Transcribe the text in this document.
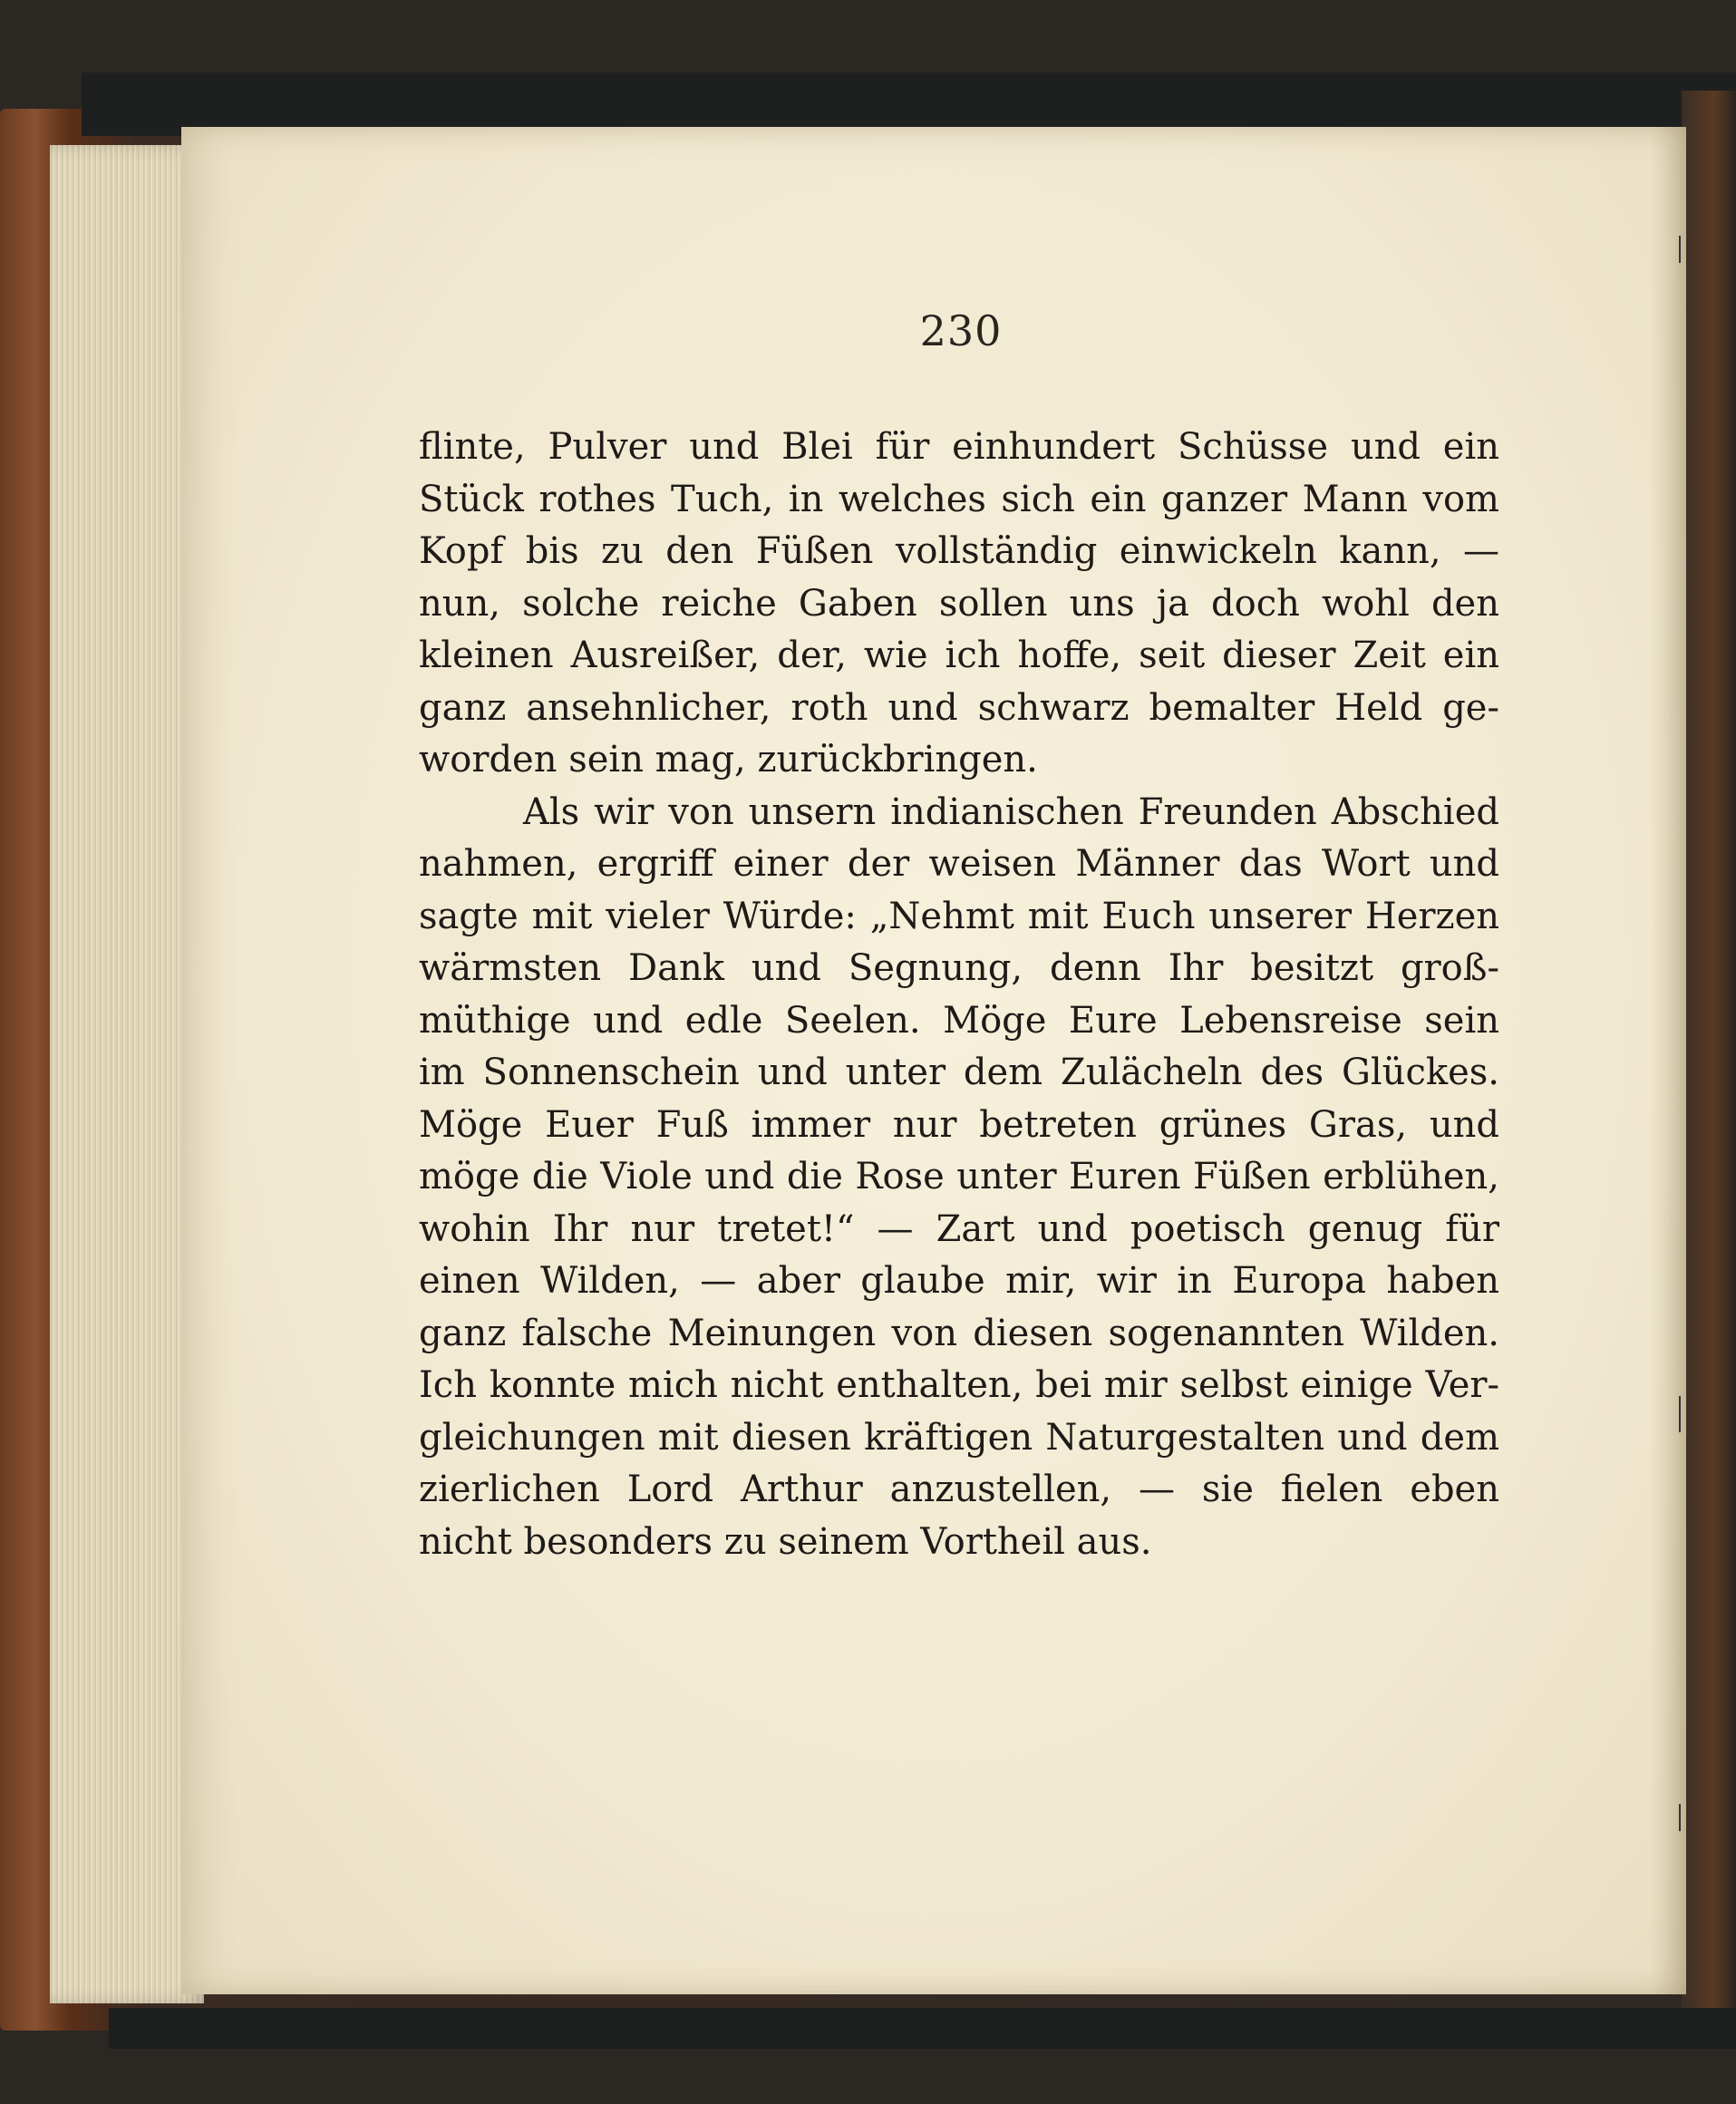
230
flinte, Pulver und Blei für einhundert Schüsse und ein
Stück rothes Tuch, in welches sich ein ganzer Mann vom
Kopf bis zu den Füßen vollständig einwickeln kann, —
nun, solche reiche Gaben sollen uns ja doch wohl den
kleinen Ausreißer, der, wie ich hoffe, seit dieser Zeit ein
ganz ansehnlicher, roth und schwarz bemalter Held ge-
worden sein mag, zurückbringen.
Als wir von unsern indianischen Freunden Abschied
nahmen, ergriff einer der weisen Männer das Wort und
sagte mit vieler Würde: „Nehmt mit Euch unserer Herzen
wärmsten Dank und Segnung, denn Ihr besitzt groß-
müthige und edle Seelen. Möge Eure Lebensreise sein
im Sonnenschein und unter dem Zulächeln des Glückes.
Möge Euer Fuß immer nur betreten grünes Gras, und
möge die Viole und die Rose unter Euren Füßen erblühen,
wohin Ihr nur tretet!“ — Zart und poetisch genug für
einen Wilden, — aber glaube mir, wir in Europa haben
ganz falsche Meinungen von diesen sogenannten Wilden.
Ich konnte mich nicht enthalten, bei mir selbst einige Ver-
gleichungen mit diesen kräftigen Naturgestalten und dem
zierlichen Lord Arthur anzustellen, — sie fielen eben
nicht besonders zu seinem Vortheil aus.
